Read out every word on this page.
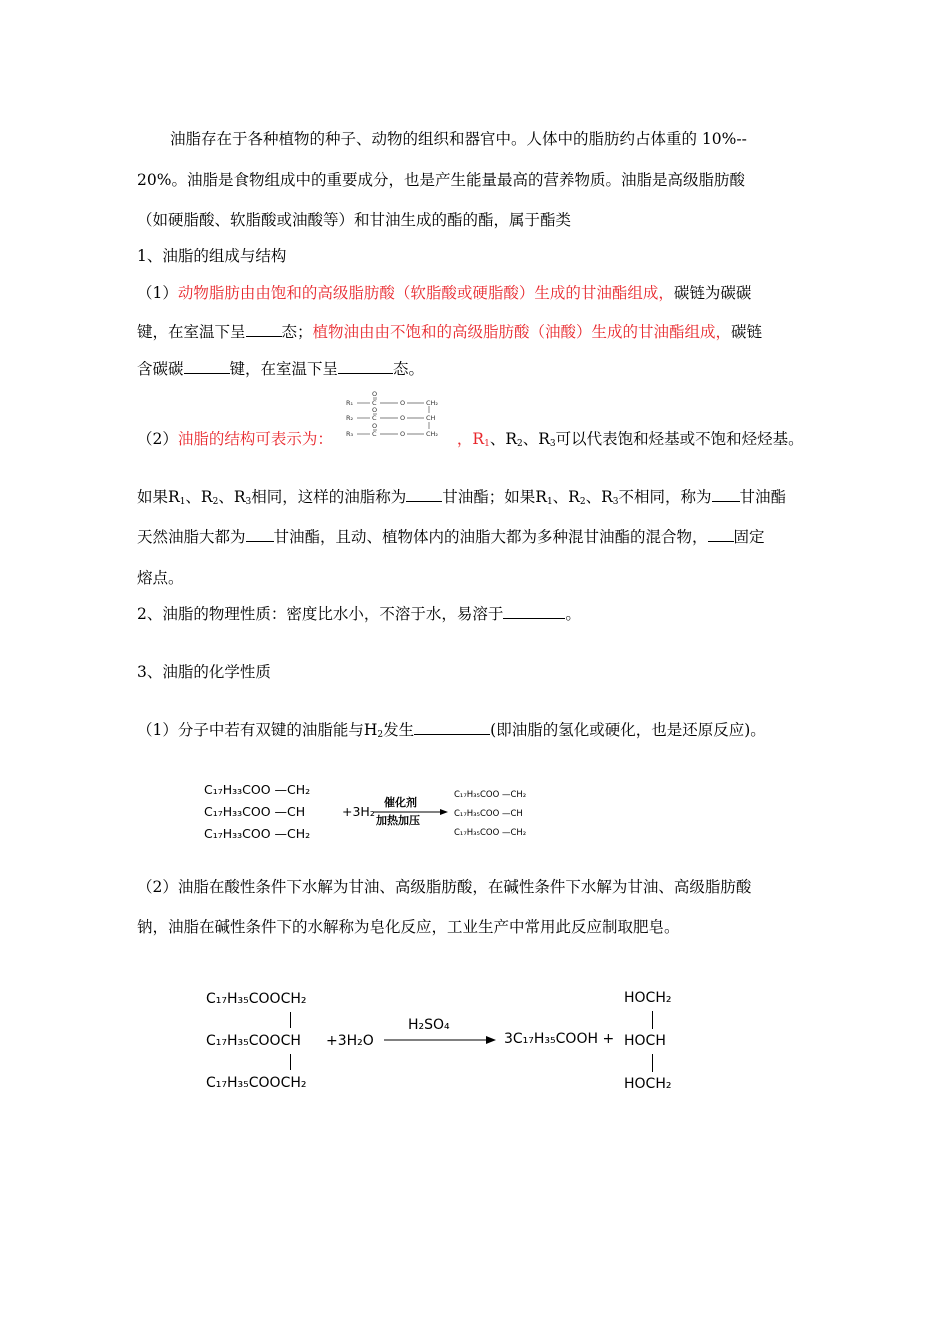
油脂存在于各种植物的种子、动物的组织和器官中。人体中的脂肪约占体重的 10%--
20%。油脂是食物组成中的重要成分，也是产生能量最高的营养物质。油脂是高级脂肪酸
（如硬脂酸、软脂酸或油酸等）和甘油生成的酯的酯，属于酯类
1、油脂的组成与结构
（1）动物脂肪由由饱和的高级脂肪酸（软脂酸或硬脂酸）生成的甘油酯组成，碳链为碳碳
键，在室温下呈 态；植物油由由不饱和的高级脂肪酸（油酸）生成的甘油酯组成，碳链
含碳碳	键，在室温下呈	态。
R₁
R₂
R₃
C
C
C
O
O
O
O
O
O
CH₂
CH
CH₂
（2）油脂的结构可表示为：	，$R_1$、$R_2$、$R_3$可以代表饱和烃基或不饱和烃烃基。
如果$R_1$、$R_2$、$R_3$相同，这样的油脂称为 甘油酯；如果$R_1$、$R_2$、$R_3$不相同，称为 甘油酯
天然油脂大都为 甘油酯，且动、植物体内的油脂大都为多种混甘油酯的混合物， 固定
熔点。
2、油脂的物理性质：密度比水小，不溶于水，易溶于	。
3、油脂的化学性质
（1）分子中若有双键的油脂能与$H_2$发生	(即油脂的氢化或硬化，也是还原反应)。
C₁₇H₃₃COO —CH₂
C₁₇H₃₃COO —CH
C₁₇H₃₃COO —CH₂
+3H₂
催化剂
加热加压
C₁₇H₃₅COO —CH₂
C₁₇H₃₅COO —CH
C₁₇H₃₅COO —CH₂
（2）油脂在酸性条件下水解为甘油、高级脂肪酸，在碱性条件下水解为甘油、高级脂肪酸
钠，油脂在碱性条件下的水解称为皂化反应，工业生产中常用此反应制取肥皂。
C₁₇H₃₅COOCH₂
C₁₇H₃₅COOCH
C₁₇H₃₅COOCH₂
+3H₂O
H₂SO₄
3C₁₇H₃₅COOH +
HOCH₂
HOCH
HOCH₂
